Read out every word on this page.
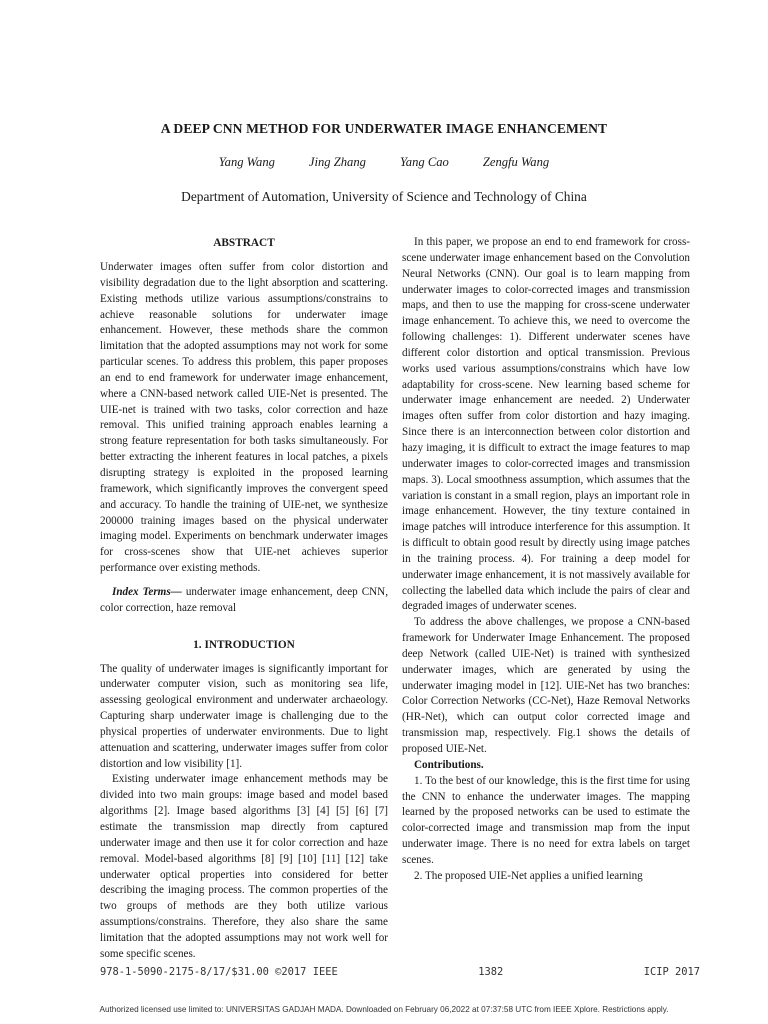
A DEEP CNN METHOD FOR UNDERWATER IMAGE ENHANCEMENT
Yang Wang	Jing Zhang	Yang Cao	Zengfu Wang
Department of Automation, University of Science and Technology of China
ABSTRACT

Underwater images often suffer from color distortion and visibility degradation due to the light absorption and scattering. Existing methods utilize various assumptions/constrains to achieve reasonable solutions for underwater image enhancement. However, these methods share the common limitation that the adopted assumptions may not work for some particular scenes. To address this problem, this paper proposes an end to end framework for underwater image enhancement, where a CNN-based network called UIE-Net is presented. The UIE-net is trained with two tasks, color correction and haze removal. This unified training approach enables learning a strong feature representation for both tasks simultaneously. For better extracting the inherent features in local patches, a pixels disrupting strategy is exploited in the proposed learning framework, which significantly improves the convergent speed and accuracy. To handle the training of UIE-net, we synthesize 200000 training images based on the physical underwater imaging model. Experiments on benchmark underwater images for cross-scenes show that UIE-net achieves superior performance over existing methods.

Index Terms— underwater image enhancement, deep CNN, color correction, haze removal

1. INTRODUCTION

The quality of underwater images is significantly important for underwater computer vision, such as monitoring sea life, assessing geological environment and underwater archaeology. Capturing sharp underwater image is challenging due to the physical properties of underwater environments. Due to light attenuation and scattering, underwater images suffer from color distortion and low visibility [1].

Existing underwater image enhancement methods may be divided into two main groups: image based and model based algorithms [2]. Image based algorithms [3] [4] [5] [6] [7] estimate the transmission map directly from captured underwater image and then use it for color correction and haze removal. Model-based algorithms [8] [9] [10] [11] [12] take underwater optical properties into considered for better describing the imaging process. The common properties of the two groups of methods are they both utilize various assumptions/constrains. Therefore, they also share the same limitation that the adopted assumptions may not work well for some specific scenes.

In this paper, we propose an end to end framework for cross-scene underwater image enhancement based on the Convolution Neural Networks (CNN). Our goal is to learn mapping from underwater images to color-corrected images and transmission maps, and then to use the mapping for cross-scene underwater image enhancement. To achieve this, we need to overcome the following challenges: 1). Different underwater scenes have different color distortion and optical transmission. Previous works used various assumptions/constrains which have low adaptability for cross-scene. New learning based scheme for underwater image enhancement are needed. 2) Underwater images often suffer from color distortion and hazy imaging. Since there is an interconnection between color distortion and hazy imaging, it is difficult to extract the image features to map underwater images to color-corrected images and transmission maps. 3). Local smoothness assumption, which assumes that the variation is constant in a small region, plays an important role in image enhancement. However, the tiny texture contained in image patches will introduce interference for this assumption. It is difficult to obtain good result by directly using image patches in the training process. 4). For training a deep model for underwater image enhancement, it is not massively available for collecting the labelled data which include the pairs of clear and degraded images of underwater scenes.

To address the above challenges, we propose a CNN-based framework for Underwater Image Enhancement. The proposed deep Network (called UIE-Net) is trained with synthesized underwater images, which are generated by using the underwater imaging model in [12]. UIE-Net has two branches: Color Correction Networks (CC-Net), Haze Removal Networks (HR-Net), which can output color corrected image and transmission map, respectively. Fig.1 shows the details of proposed UIE-Net.

Contributions.

1. To the best of our knowledge, this is the first time for using the CNN to enhance the underwater images. The mapping learned by the proposed networks can be used to estimate the color-corrected image and transmission map from the input underwater image. There is no need for extra labels on target scenes.

2. The proposed UIE-Net applies a unified learning

978-1-5090-2175-8/17/$31.00 ©2017 IEEE	1382	ICIP 2017
Authorized licensed use limited to: UNIVERSITAS GADJAH MADA. Downloaded on February 06,2022 at 07:37:58 UTC from IEEE Xplore. Restrictions apply.
